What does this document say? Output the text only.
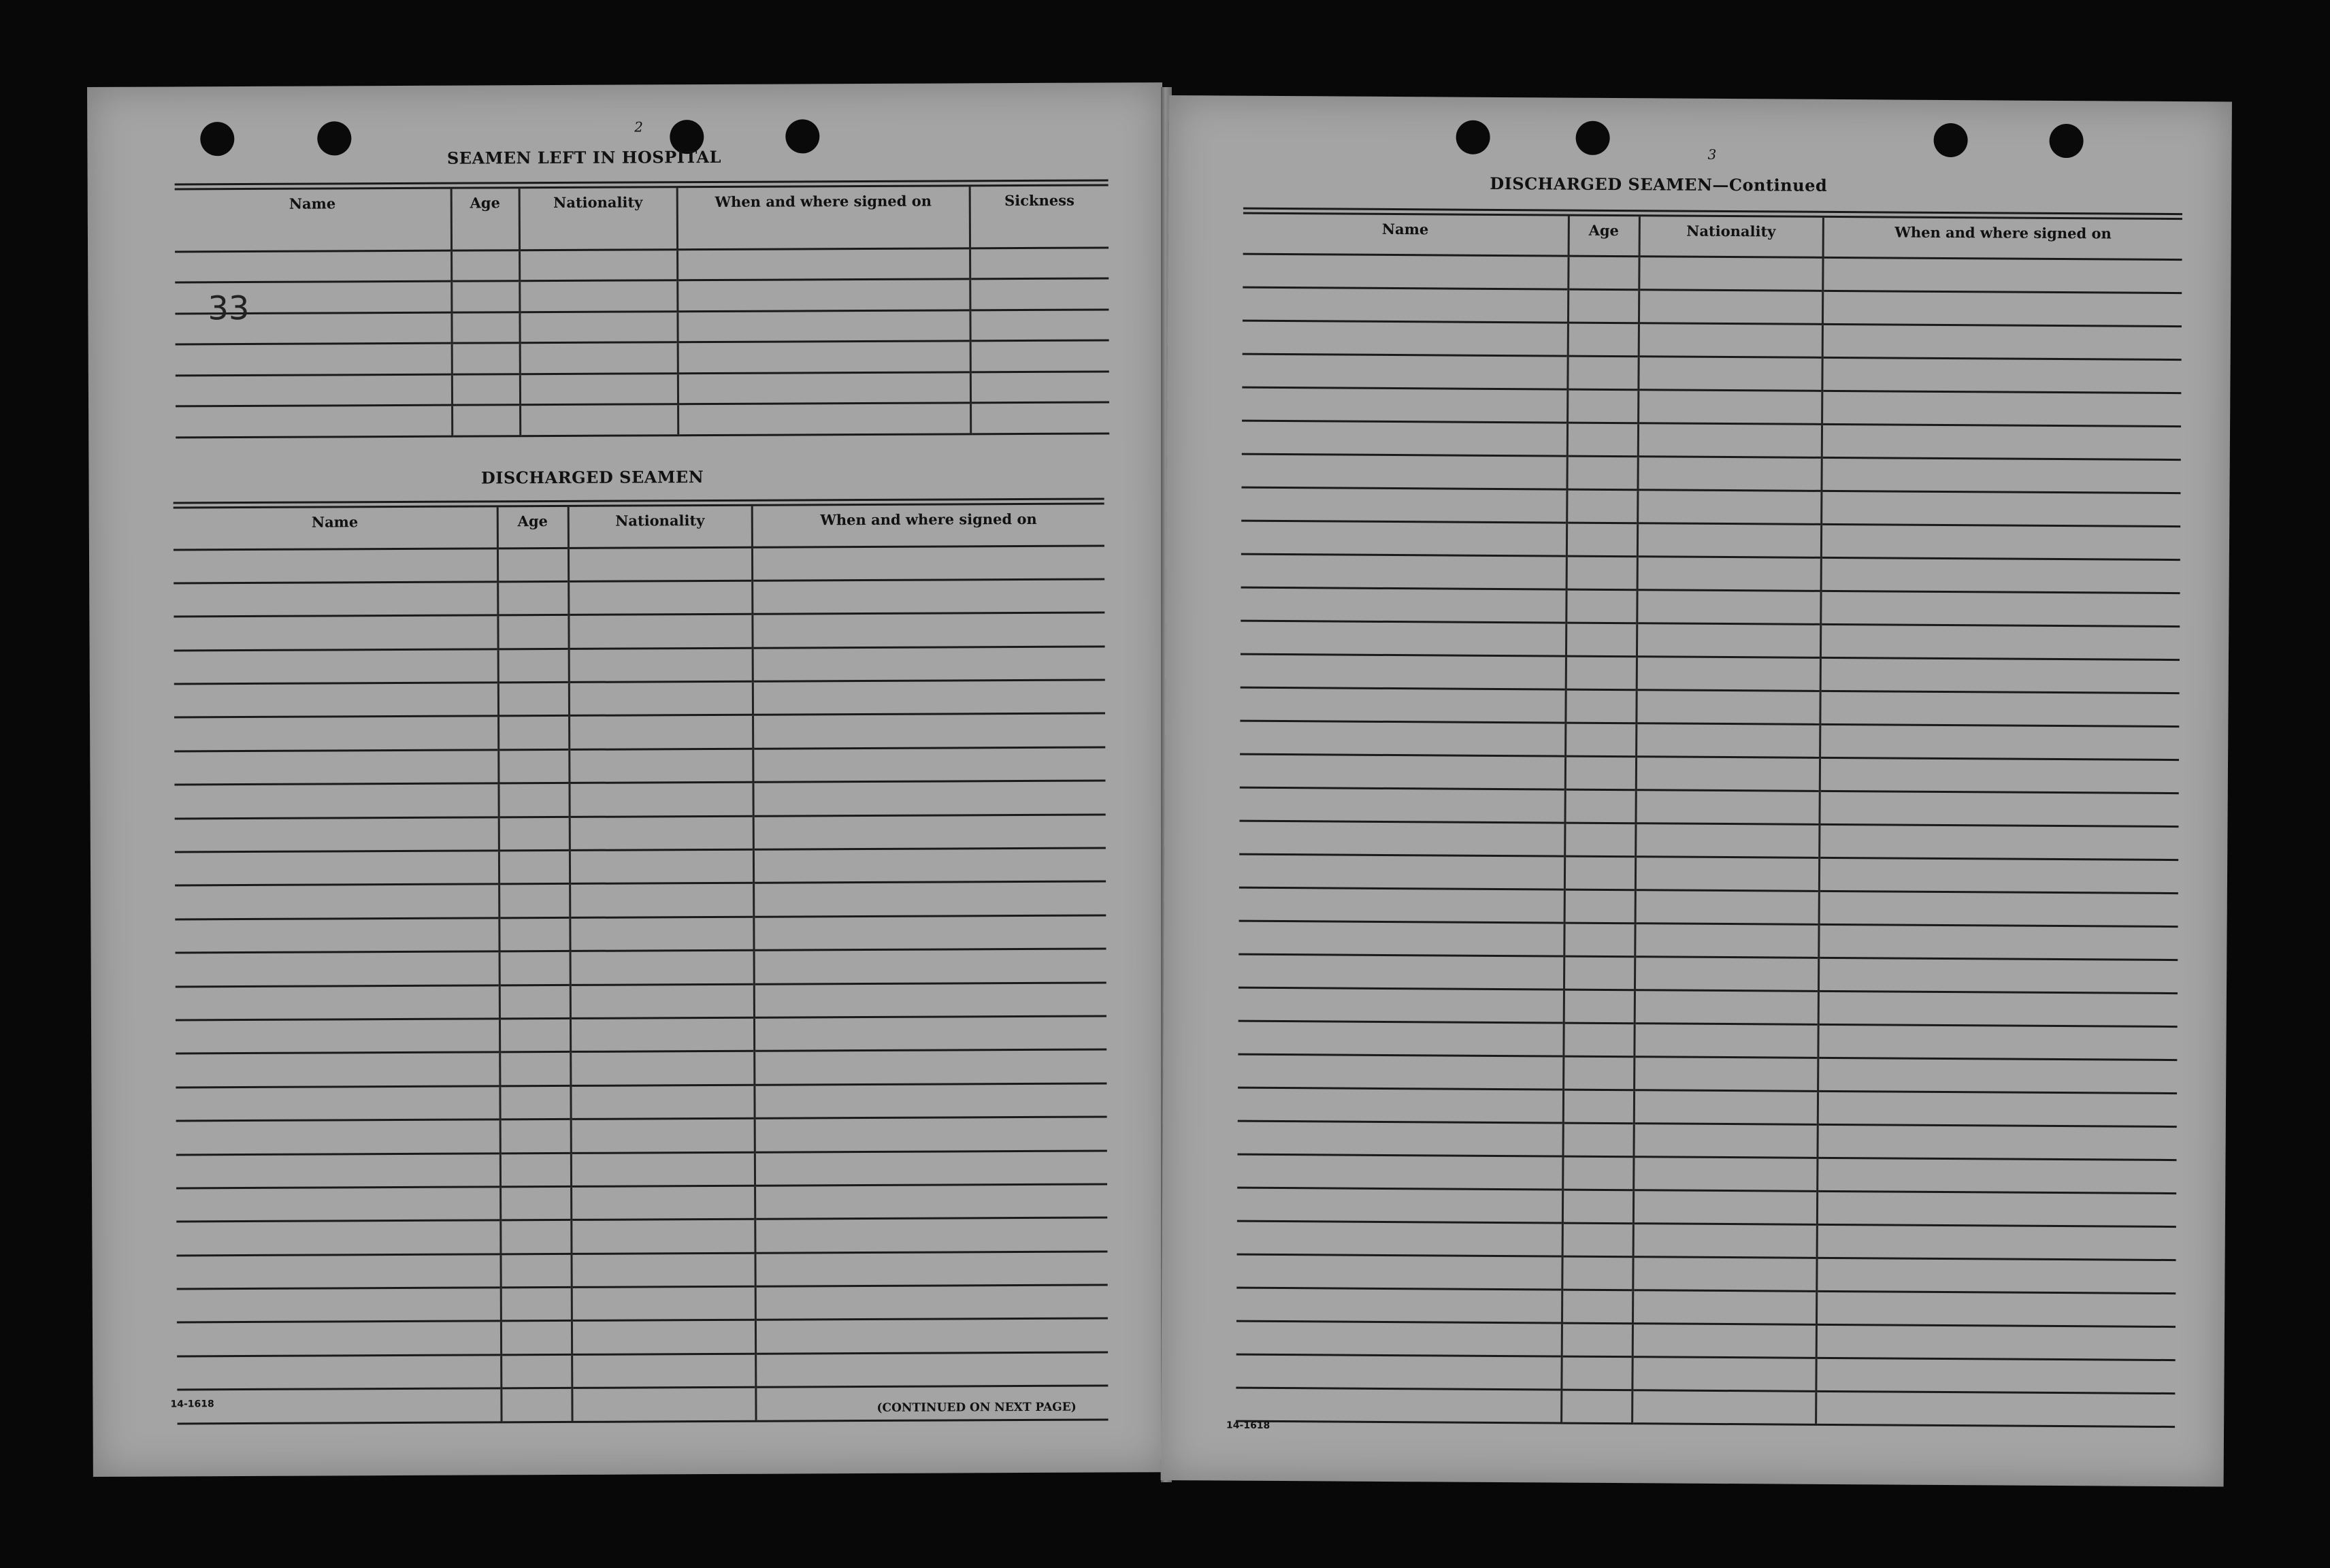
2
SEAMEN LEFT IN HOSPITAL
Name	Age	Nationality	When and where signed on	Sickness

33
DISCHARGED SEAMEN
Name	Age	Nationality	When and where signed on

14-1618	(CONTINUED ON NEXT PAGE)
3
DISCHARGED SEAMEN—Continued
Name	Age	Nationality	When and where signed on

14-1618
